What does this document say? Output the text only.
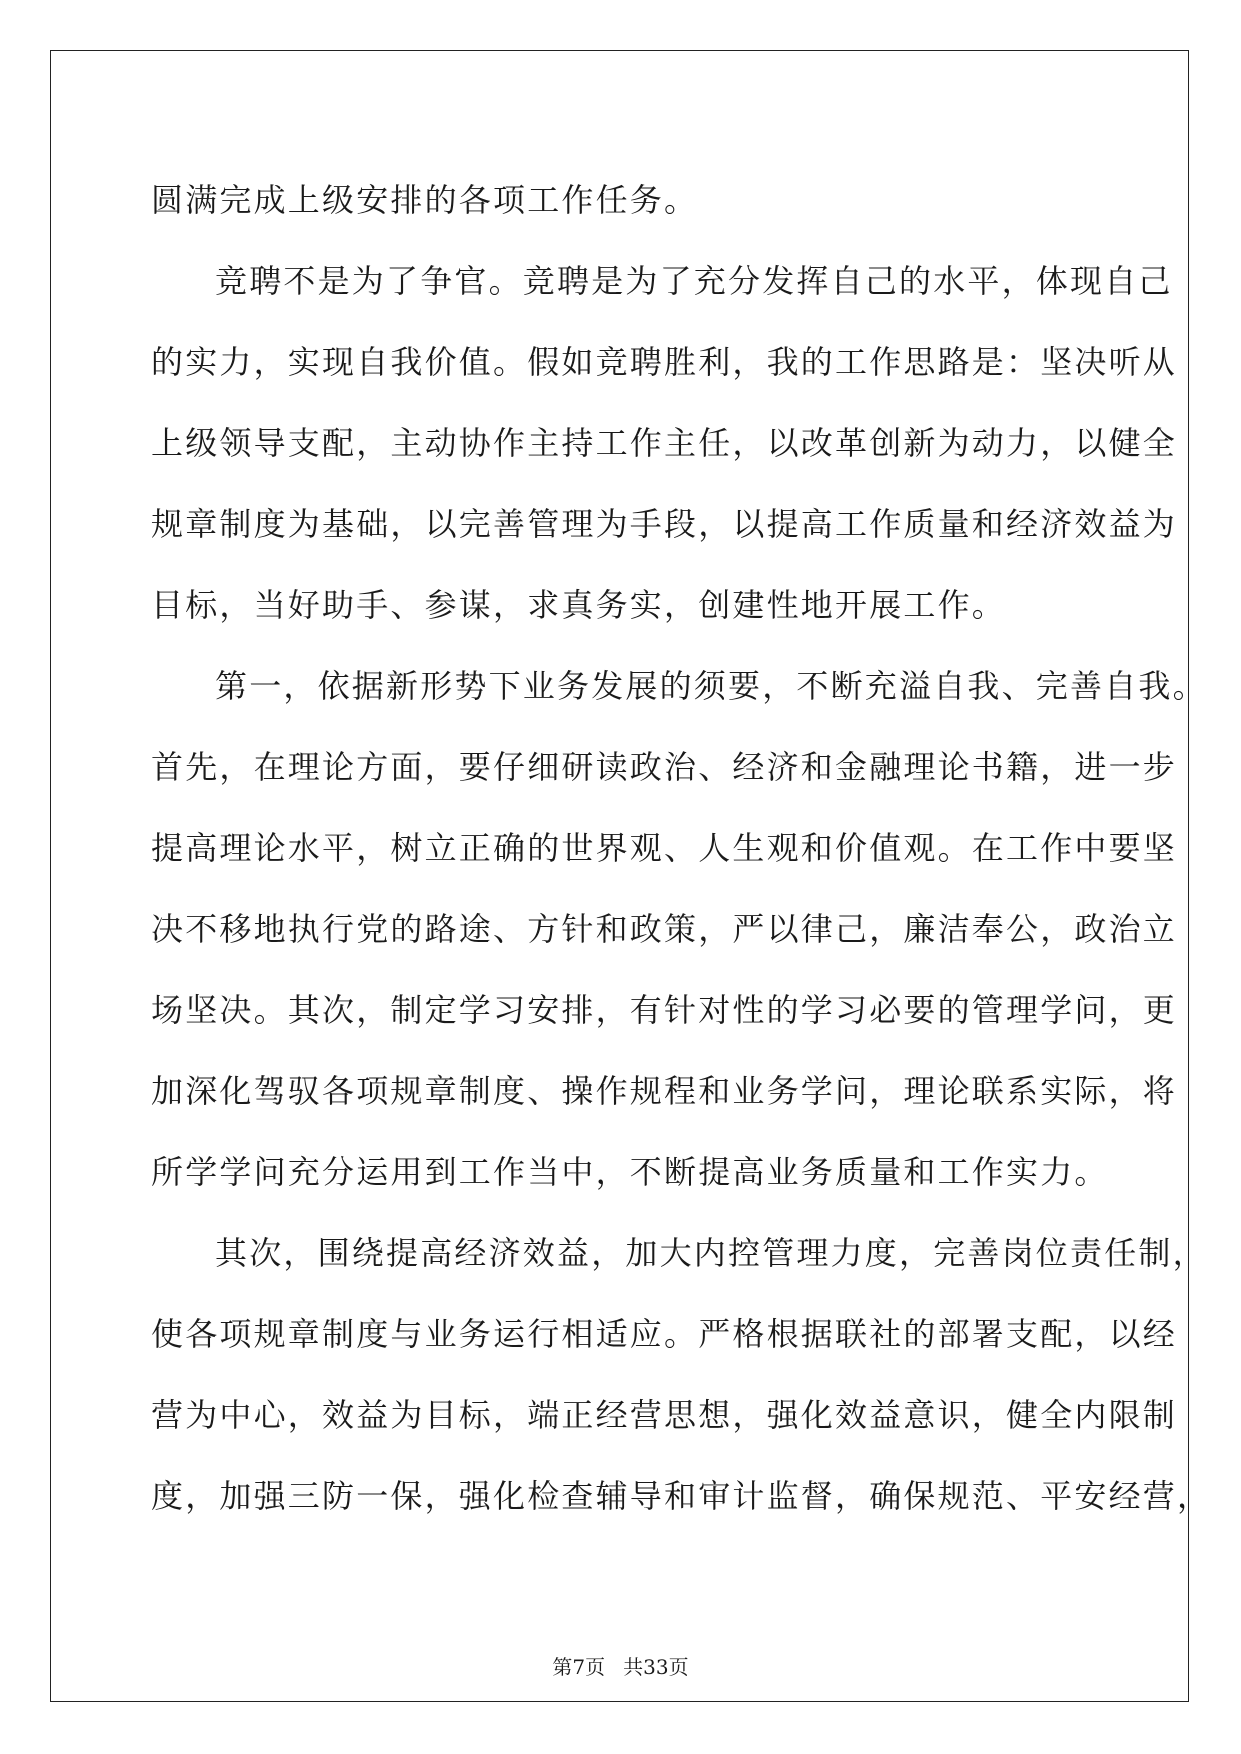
圆满完成上级安排的各项工作任务。
竞聘不是为了争官。竞聘是为了充分发挥自己的水平，体现自己
的实力，实现自我价值。假如竞聘胜利，我的工作思路是：坚决听从
上级领导支配，主动协作主持工作主任，以改革创新为动力，以健全
规章制度为基础，以完善管理为手段，以提高工作质量和经济效益为
目标，当好助手、参谋，求真务实，创建性地开展工作。
第一，依据新形势下业务发展的须要，不断充溢自我、完善自我。
首先，在理论方面，要仔细研读政治、经济和金融理论书籍，进一步
提高理论水平，树立正确的世界观、人生观和价值观。在工作中要坚
决不移地执行党的路途、方针和政策，严以律己，廉洁奉公，政治立
场坚决。其次，制定学习安排，有针对性的学习必要的管理学问，更
加深化驾驭各项规章制度、操作规程和业务学问，理论联系实际，将
所学学问充分运用到工作当中，不断提高业务质量和工作实力。
其次，围绕提高经济效益，加大内控管理力度，完善岗位责任制，
使各项规章制度与业务运行相适应。严格根据联社的部署支配，以经
营为中心，效益为目标，端正经营思想，强化效益意识，健全内限制
度，加强三防一保，强化检查辅导和审计监督，确保规范、平安经营，
第7页 共33页
